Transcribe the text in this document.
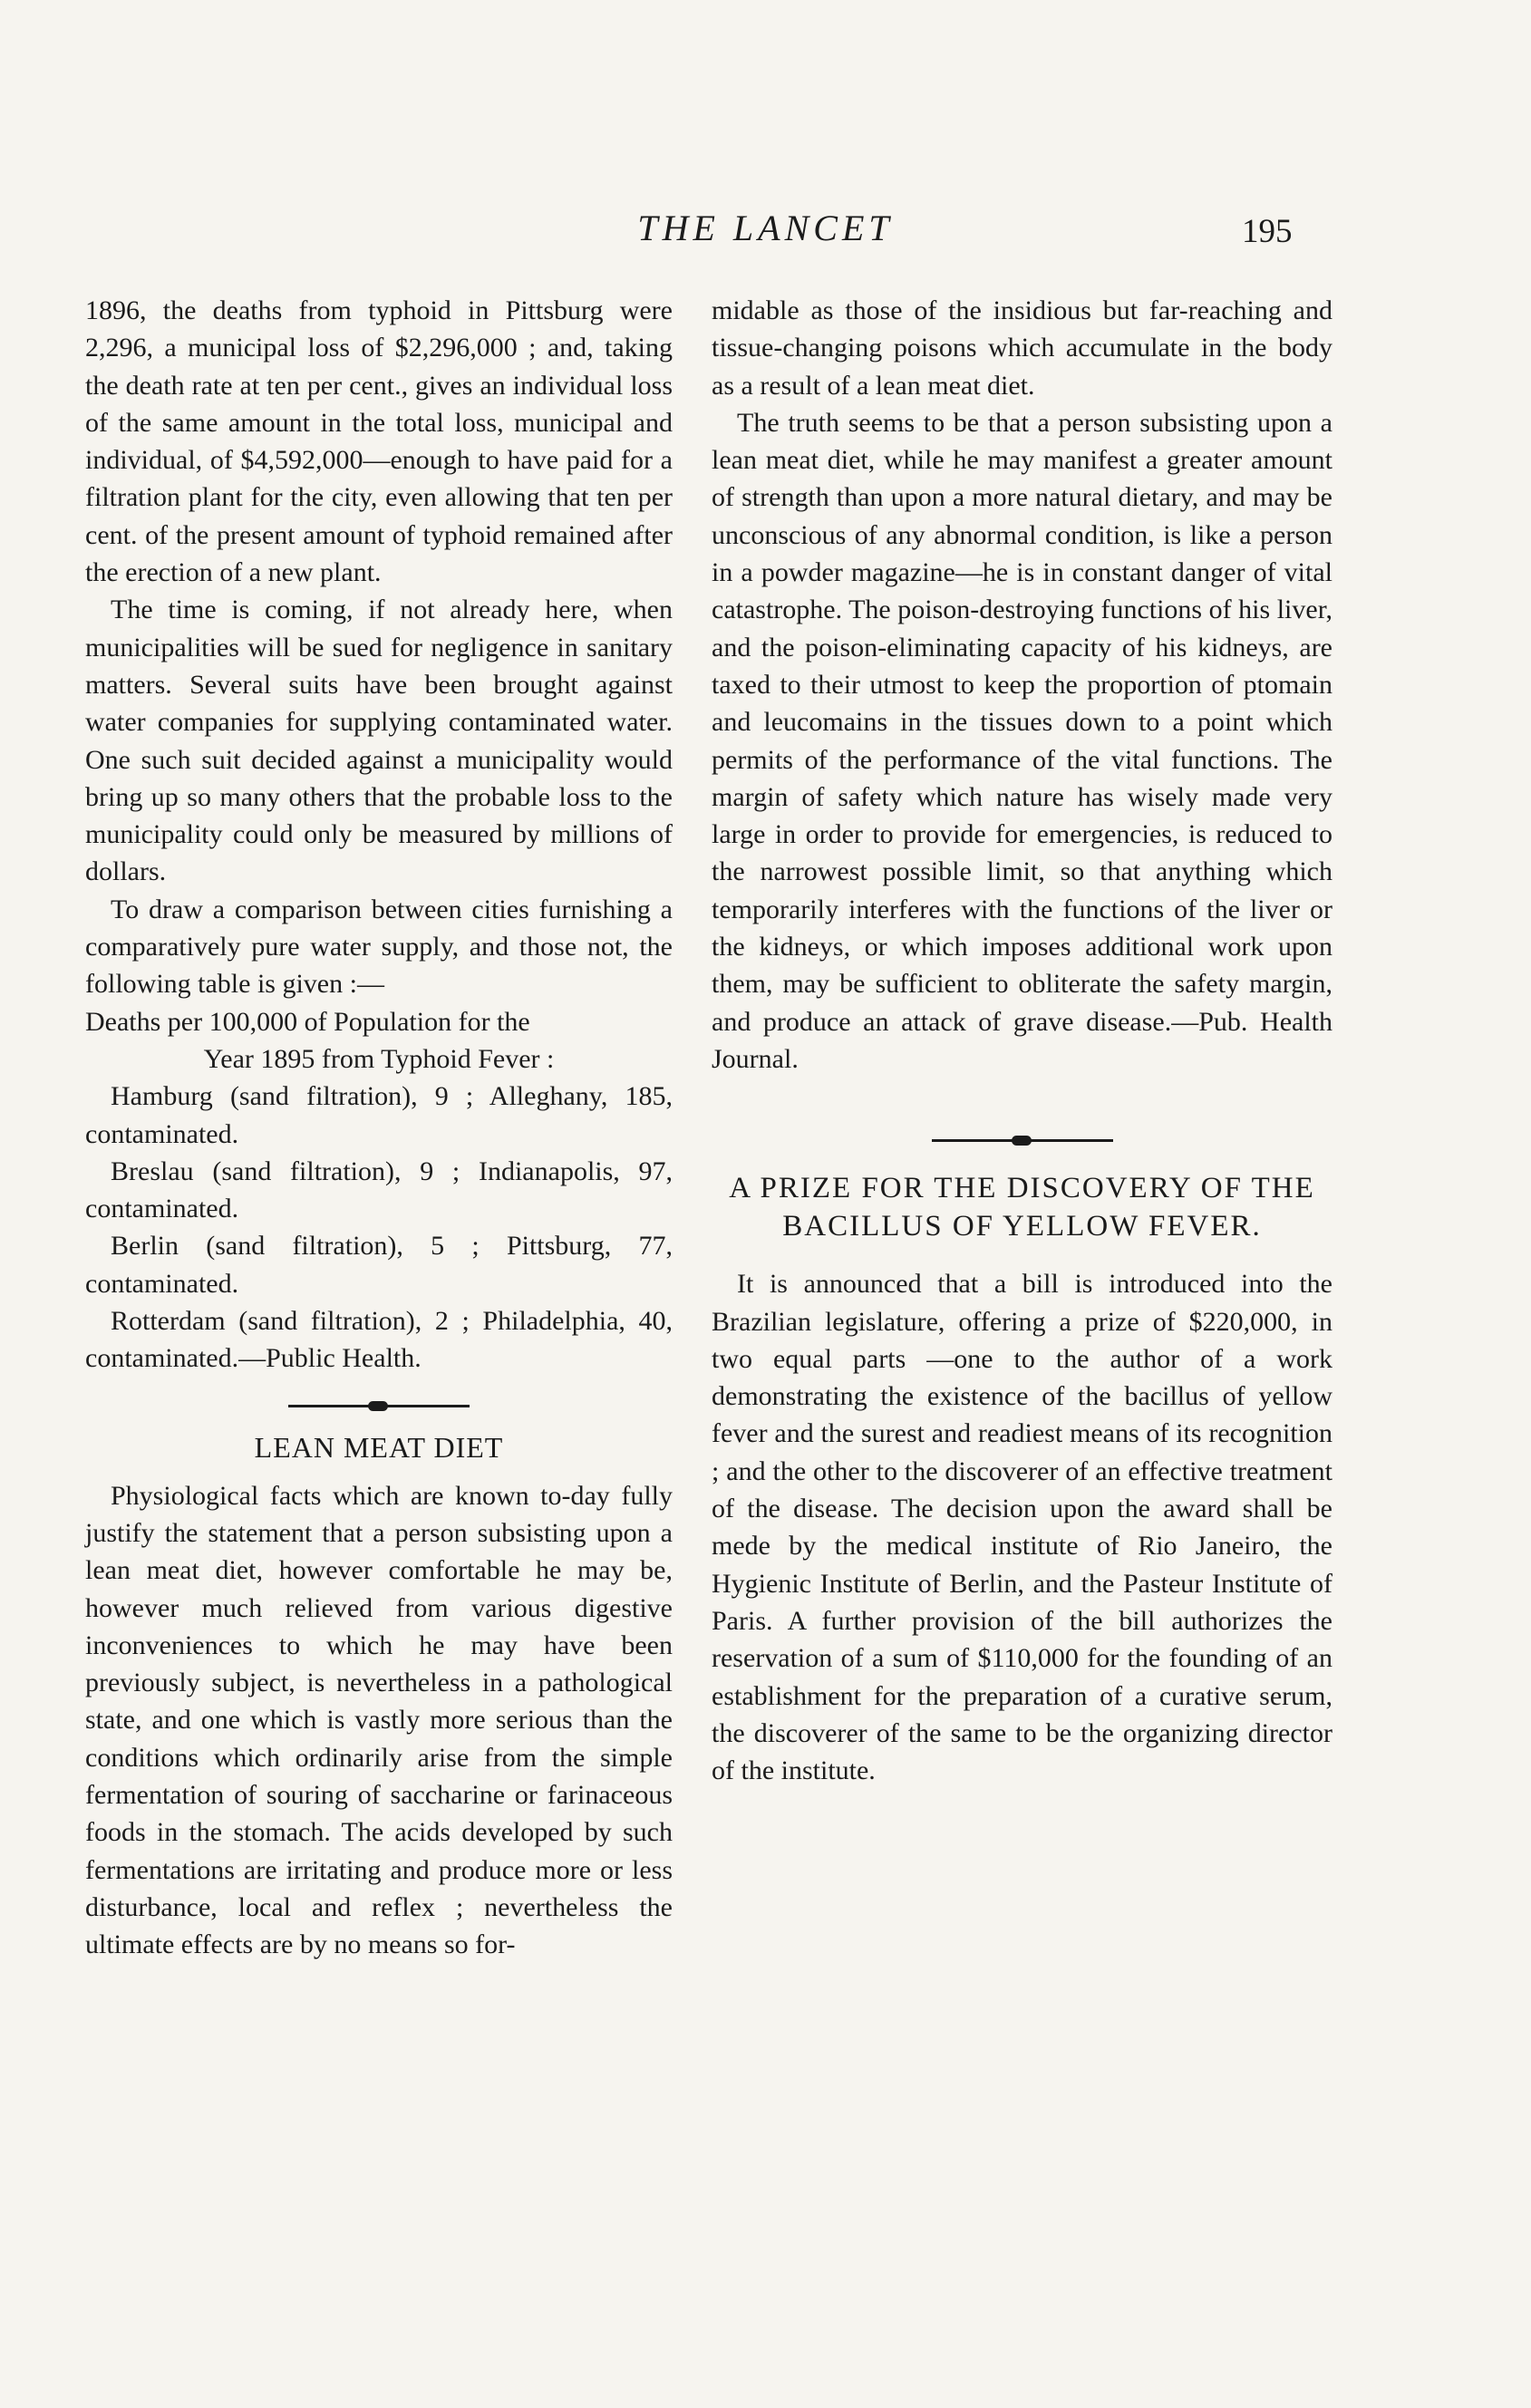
THE LANCET	195

1896, the deaths from typhoid in Pittsburg were 2,296, a municipal loss of $2,296,000 ; and, taking the death rate at ten per cent., gives an individual loss of the same amount in the total loss, municipal and individual, of $4,592,000—enough to have paid for a filtration plant for the city, even allowing that ten per cent. of the present amount of typhoid remained after the erection of a new plant.

The time is coming, if not already here, when municipalities will be sued for negligence in sanitary matters. Several suits have been brought against water companies for supplying contaminated water. One such suit decided against a municipality would bring up so many others that the probable loss to the municipality could only be measured by millions of dollars.

To draw a comparison between cities furnishing a comparatively pure water supply, and those not, the following table is given :—

Deaths per 100,000 of Population for the

Year 1895 from Typhoid Fever :

Hamburg (sand filtration), 9 ; Alleghany, 185, contaminated.

Breslau (sand filtration), 9 ; Indianapolis, 97, contaminated.

Berlin (sand filtration), 5 ; Pittsburg, 77, contaminated.

Rotterdam (sand filtration), 2 ; Philadelphia, 40, contaminated.—Public Health.

LEAN MEAT DIET

Physiological facts which are known to-day fully justify the statement that a person subsisting upon a lean meat diet, however comfortable he may be, however much relieved from various digestive inconveniences to which he may have been previously subject, is nevertheless in a pathological state, and one which is vastly more serious than the conditions which ordinarily arise from the simple fermentation of souring of saccharine or farinaceous foods in the stomach. The acids developed by such fermentations are irritating and produce more or less disturbance, local and reflex ; nevertheless the ultimate effects are by no means so for-

midable as those of the insidious but far-reaching and tissue-changing poisons which accumulate in the body as a result of a lean meat diet.

The truth seems to be that a person subsisting upon a lean meat diet, while he may manifest a greater amount of strength than upon a more natural dietary, and may be unconscious of any abnormal condition, is like a person in a powder magazine—he is in constant danger of vital catastrophe. The poison-destroying functions of his liver, and the poison-eliminating capacity of his kidneys, are taxed to their utmost to keep the proportion of ptomain and leucomains in the tissues down to a point which permits of the performance of the vital functions. The margin of safety which nature has wisely made very large in order to provide for emergencies, is reduced to the narrowest possible limit, so that anything which temporarily interferes with the functions of the liver or the kidneys, or which imposes additional work upon them, may be sufficient to obliterate the safety margin, and produce an attack of grave disease.—Pub. Health Journal.

A PRIZE FOR THE DISCOVERY OF THE BACILLUS OF YELLOW FEVER.

It is announced that a bill is introduced into the Brazilian legislature, offering a prize of $220,000, in two equal parts —one to the author of a work demonstrating the existence of the bacillus of yellow fever and the surest and readiest means of its recognition ; and the other to the discoverer of an effective treatment of the disease. The decision upon the award shall be mede by the medical institute of Rio Janeiro, the Hygienic Institute of Berlin, and the Pasteur Institute of Paris. A further provision of the bill authorizes the reservation of a sum of $110,000 for the founding of an establishment for the preparation of a curative serum, the discoverer of the same to be the organizing director of the institute.
